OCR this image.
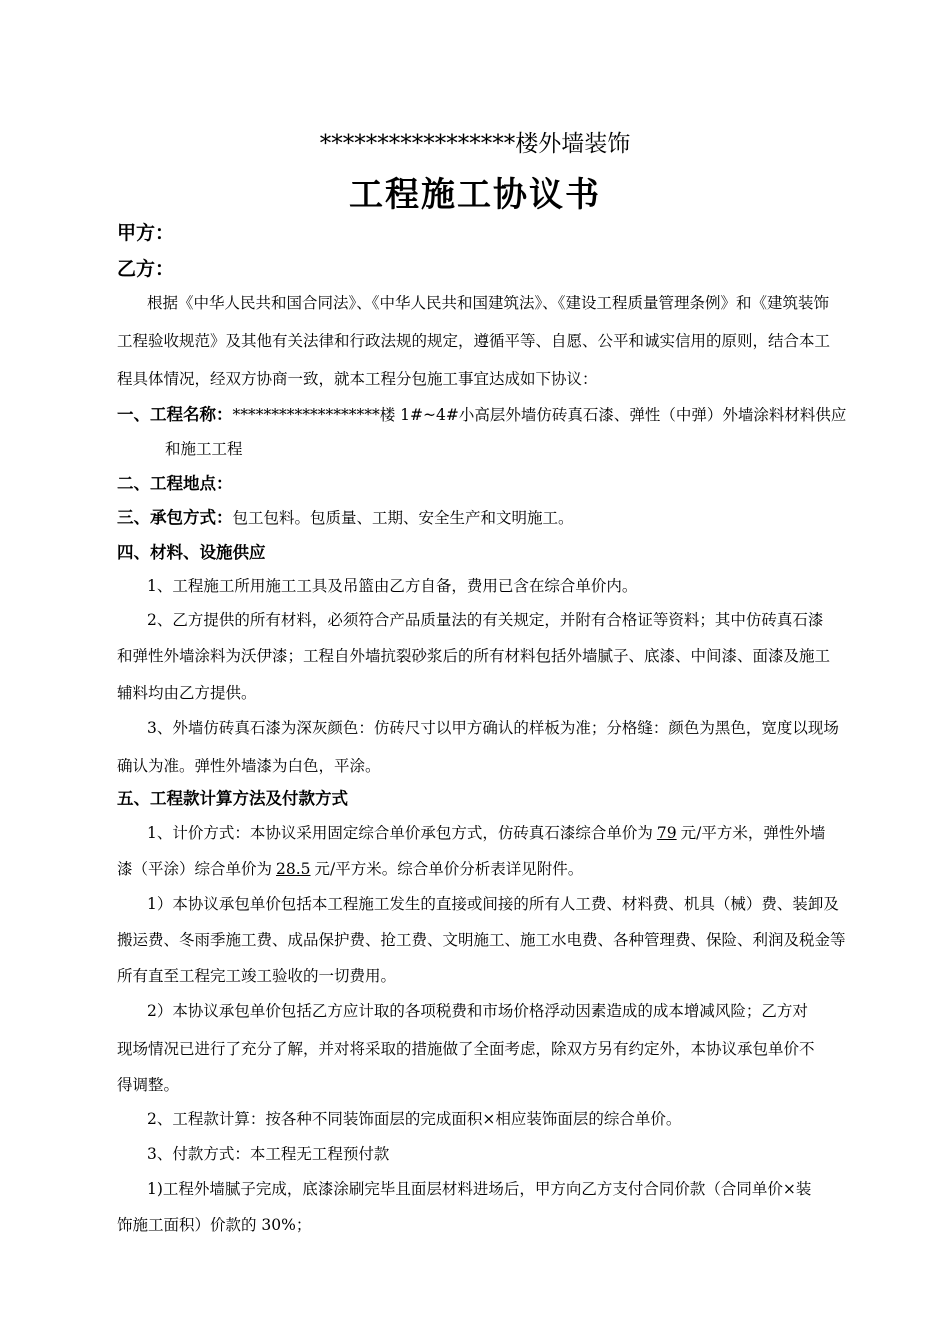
*****************楼外墙装饰
工程施工协议书
甲方：
乙方：
根据《中华人民共和国合同法》、《中华人民共和国建筑法》、《建设工程质量管理条例》和《建筑装饰
工程验收规范》及其他有关法律和行政法规的规定，遵循平等、自愿、公平和诚实信用的原则，结合本工
程具体情况，经双方协商一致，就本工程分包施工事宜达成如下协议：
一、工程名称：*******************楼 1#~4#小高层外墙仿砖真石漆、弹性（中弹）外墙涂料材料供应
和施工工程
二、工程地点：
三、承包方式：包工包料。包质量、工期、安全生产和文明施工。
四、材料、设施供应
1、工程施工所用施工工具及吊篮由乙方自备，费用已含在综合单价内。
2、乙方提供的所有材料，必须符合产品质量法的有关规定，并附有合格证等资料；其中仿砖真石漆
和弹性外墙涂料为沃伊漆；工程自外墙抗裂砂浆后的所有材料包括外墙腻子、底漆、中间漆、面漆及施工
辅料均由乙方提供。
3、外墙仿砖真石漆为深灰颜色：仿砖尺寸以甲方确认的样板为准；分格缝：颜色为黑色，宽度以现场
确认为准。弹性外墙漆为白色，平涂。
五、工程款计算方法及付款方式
1、计价方式：本协议采用固定综合单价承包方式，仿砖真石漆综合单价为 79 元/平方米，弹性外墙
漆（平涂）综合单价为 28.5 元/平方米。综合单价分析表详见附件。
1）本协议承包单价包括本工程施工发生的直接或间接的所有人工费、材料费、机具（械）费、装卸及
搬运费、冬雨季施工费、成品保护费、抢工费、文明施工、施工水电费、各种管理费、保险、利润及税金等
所有直至工程完工竣工验收的一切费用。
2）本协议承包单价包括乙方应计取的各项税费和市场价格浮动因素造成的成本增减风险；乙方对
现场情况已进行了充分了解，并对将采取的措施做了全面考虑，除双方另有约定外，本协议承包单价不
得调整。
2、工程款计算：按各种不同装饰面层的完成面积×相应装饰面层的综合单价。
3、付款方式：本工程无工程预付款
1)工程外墙腻子完成，底漆涂刷完毕且面层材料进场后，甲方向乙方支付合同价款（合同单价×装
饰施工面积）价款的 30%；
